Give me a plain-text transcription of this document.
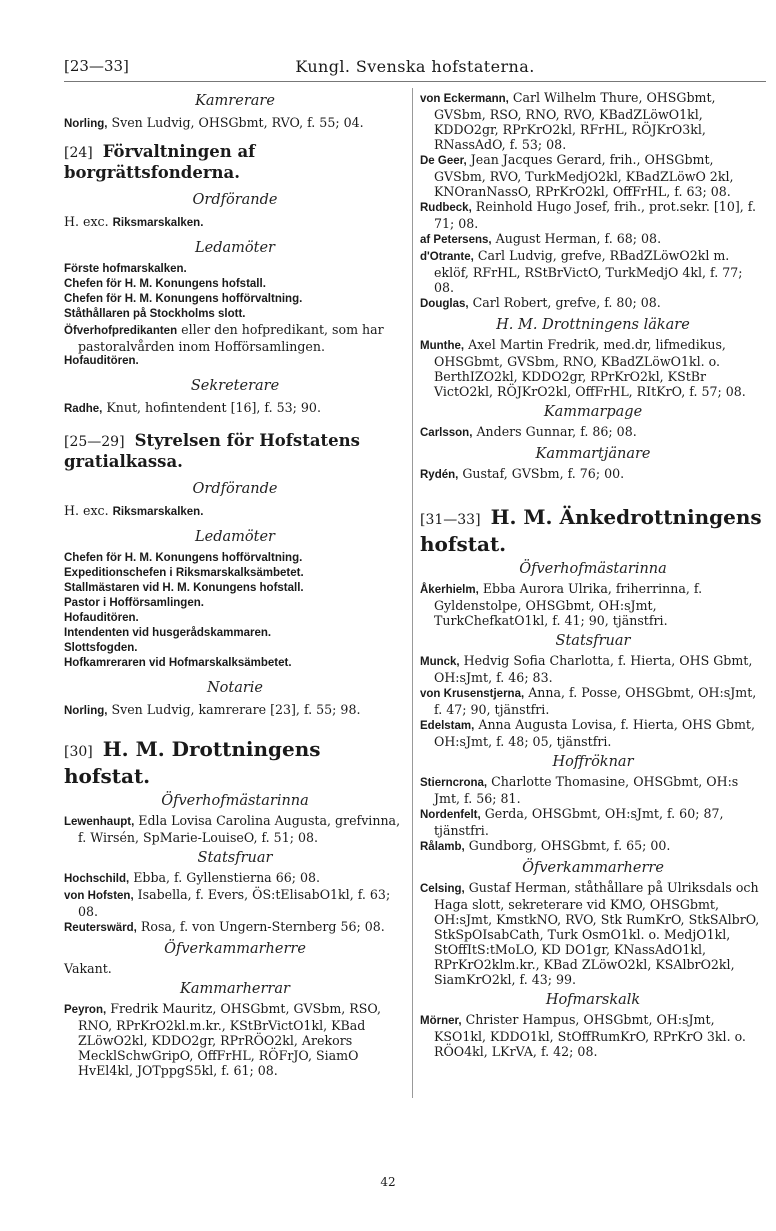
[23—33]	Kungl. Svenska hofstaterna.
Kamrerare

Norling, Sven Ludvig, OHSGbmt, RVO, f. 55; 04.

[24] Förvaltningen af borgrättsfonderna.
Ordförande

H. exc. Riksmarskalken.

Ledamöter
Förste hofmarskalken.
Chefen för H. M. Konungens hofstall.
Chefen för H. M. Konungens hofförvaltning.
Ståthållaren på Stockholms slott.

Öfverhofpredikanten eller den hofpredikant, som har pastoralvården inom Hofförsamlingen.

Hofauditören.
Sekreterare

Radhe, Knut, hofintendent [16], f. 53; 90.

[25—29] Styrelsen för Hofstatens gratialkassa.
Ordförande

H. exc. Riksmarskalken.

Ledamöter
Chefen för H. M. Konungens hofförvaltning.
Expeditionschefen i Riksmarskalksämbetet.
Stallmästaren vid H. M. Konungens hofstall.
Pastor i Hofförsamlingen.
Hofauditören.
Intendenten vid husgerådskammaren.
Slottsfogden.
Hofkamreraren vid Hofmarskalksämbetet.
Notarie

Norling, Sven Ludvig, kamrerare [23], f. 55; 98.

[30] H. M. Drottningens hofstat.
Öfverhofmästarinna

Lewenhaupt, Edla Lovisa Carolina Augusta, grefvinna, f. Wirsén, SpMarie-LouiseO, f. 51; 08.

Statsfruar

Hochschild, Ebba, f. Gyllenstierna 66; 08.

von Hofsten, Isabella, f. Evers, ÖS:tElisabO1kl, f. 63; 08.

Reuterswärd, Rosa, f. von Ungern-Sternberg 56; 08.

Öfverkammarherre

Vakant.

Kammarherrar

Peyron, Fredrik Mauritz, OHSGbmt, GVSbm, RSO, RNO, RPrKrO2kl.m.kr., KStBrVictO1kl, KBad ZLöwO2kl, KDDO2gr, RPrRÖO2kl, Arekors MecklSchwGripO, OffFrHL, RÖFrJO, SiamO HvEl4kl, JOTppgS5kl, f. 61; 08.

von Eckermann, Carl Wilhelm Thure, OHSGbmt, GVSbm, RSO, RNO, RVO, KBadZLöwO1kl, KDDO2gr, RPrKrO2kl, RFrHL, RÖJKrO3kl, RNassAdO, f. 53; 08.

De Geer, Jean Jacques Gerard, frih., OHSGbmt, GVSbm, RVO, TurkMedjO2kl, KBadZLöwO 2kl, KNOranNassO, RPrKrO2kl, OffFrHL, f. 63; 08.

Rudbeck, Reinhold Hugo Josef, frih., prot.sekr. [10], f. 71; 08.

af Petersens, August Herman, f. 68; 08.

d'Otrante, Carl Ludvig, grefve, RBadZLöwO2kl m. eklöf, RFrHL, RStBrVictO, TurkMedjO 4kl, f. 77; 08.

Douglas, Carl Robert, grefve, f. 80; 08.

H. M. Drottningens läkare

Munthe, Axel Martin Fredrik, med.dr, lifmedikus, OHSGbmt, GVSbm, RNO, KBadZLöwO1kl. o. BerthIZO2kl, KDDO2gr, RPrKrO2kl, KStBr VictO2kl, RÖJKrO2kl, OffFrHL, RItKrO, f. 57; 08.

Kammarpage

Carlsson, Anders Gunnar, f. 86; 08.

Kammartjänare

Rydén, Gustaf, GVSbm, f. 76; 00.

[31—33] H. M. Änkedrottningens hofstat.
Öfverhofmästarinna

Åkerhielm, Ebba Aurora Ulrika, friherrinna, f. Gyldenstolpe, OHSGbmt, OH:sJmt, TurkChefkatO1kl, f. 41; 90, tjänstfri.

Statsfruar

Munck, Hedvig Sofia Charlotta, f. Hierta, OHS Gbmt, OH:sJmt, f. 46; 83.

von Krusenstjerna, Anna, f. Posse, OHSGbmt, OH:sJmt, f. 47; 90, tjänstfri.

Edelstam, Anna Augusta Lovisa, f. Hierta, OHS Gbmt, OH:sJmt, f. 48; 05, tjänstfri.

Hoffröknar

Stierncrona, Charlotte Thomasine, OHSGbmt, OH:s Jmt, f. 56; 81.

Nordenfelt, Gerda, OHSGbmt, OH:sJmt, f. 60; 87, tjänstfri.

Rålamb, Gundborg, OHSGbmt, f. 65; 00.

Öfverkammarherre

Celsing, Gustaf Herman, ståthållare på Ulriksdals och Haga slott, sekreterare vid KMO, OHSGbmt, OH:sJmt, KmstkNO, RVO, Stk RumKrO, StkSAlbrO, StkSpOIsabCath, Turk OsmO1kl. o. MedjO1kl, StOffItS:tMoLO, KD DO1gr, KNassAdO1kl, RPrKrO2klm.kr., KBad ZLöwO2kl, KSAlbrO2kl, SiamKrO2kl, f. 43; 99.

Hofmarskalk

Mörner, Christer Hampus, OHSGbmt, OH:sJmt, KSO1kl, KDDO1kl, StOffRumKrO, RPrKrO 3kl. o. RÖO4kl, LKrVA, f. 42; 08.

42
